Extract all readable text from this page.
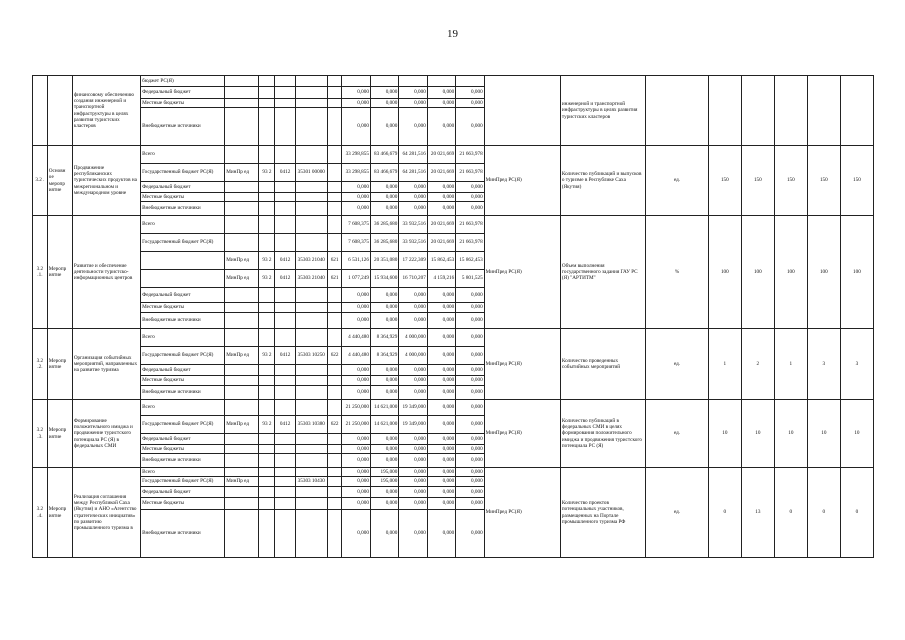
19
		финансовому обеспечению создания инженерной и транспортной инфраструктуры в целях развития туристских кластеров	бюджет РС(Я)												инженерной и транспортной инфраструктуры в целях развития туристских кластеров						
			Федеральный бюджет						0,000	0,000	0,000	0,000	0,000								
			Местные бюджеты						0,000	0,000	0,000	0,000	0,000								
			Внебюджетные источники						0,000	0,000	0,000	0,000	0,000								
3.2 .	Основн ое меропр иятие	Продвижение республиканских туристических продуктов на межрегиональном и международном уровне	Всего						33 298,855	83 466,679	64 281,516	20 021,669	21 663,978	МинПред РС(Я)	Количество публикаций и выпусков о туризме в Республике Саха (Якутия)	ед.	150	150	150	150	150
			Государственный бюджет РС(Я)	МинПр ед	93 2	0412	35301 00000		33 298,855	83 466,679	64 281,516	20 021,669	21 663,978								
			Федеральный бюджет						0,000	0,000	0,000	0,000	0,000								
			Местные бюджеты						0,000	0,000	0,000	0,000	0,000								
			Внебюджетные источники						0,000	0,000	0,000	0,000	0,000								
3.2 .1.	Меропр иятие	Развитие и обеспечение деятельности туристско-информационных центров	Всего						7 608,375	36 285,680	33 932,516	20 021,669	21 663,978	МинПред РС(Я)	Объем выполнения государственного задания ГАУ РС (Я) "АРТИТМ"	%	100	100	100	100	100
			Государственный бюджет РС(Я)						7 608,375	36 285,680	33 932,516	20 021,669	21 663,978								
				МинПр ед	93 2	0412	35303 21040	621	6 531,126	20 351,080	17 222,309	15 862,453	15 862,453								
				МинПр ед	93 2	0412	35303 21040	621	1 077,249	15 934,600	16 710,207	4 159,216	5 801,525								
			Федеральный бюджет						0,000	0,000	0,000	0,000	0,000								
			Местные бюджеты						0,000	0,000	0,000	0,000	0,000								
			Внебюджетные источники						0,000	0,000	0,000	0,000	0,000								
3.2 .2.	Меропр иятие	Организация событийных мероприятий, направленных на развитие туризма	Всего						4 440,480	8 364,929	4 000,000	0,000	0,000	МинПред РС(Я)	Количество проведенных событийных мероприятий	ед.	1	2	1	3	3
			Государственный бюджет РС(Я)	МинПр ед	93 2	0412	35303 10250	622	4 440,480	8 364,929	4 000,000	0,000	0,000								
			Федеральный бюджет						0,000	0,000	0,000	0,000	0,000								
			Местные бюджеты						0,000	0,000	0,000	0,000	0,000								
			Внебюджетные источники						0,000	0,000	0,000	0,000	0,000								
3.2 .3.	Меропр иятие	Формирование положительного имиджа и продвижение туристского потенциала РС (Я) в федеральных СМИ	Всего						21 250,000	14 621,000	19 349,000	0,000	0,000	МинПред РС(Я)	Количество публикаций в федеральных СМИ в целях формирования положительного имиджа и продвижения туристского потенциала РС (Я)	ед.	10	10	10	10	10
			Государственный бюджет РС(Я)	МинПр ед	93 2	0412	35303 10380	622	21 250,000	14 621,000	19 349,000	0,000	0,000								
			Федеральный бюджет						0,000	0,000	0,000	0,000	0,000								
			Местные бюджеты						0,000	0,000	0,000	0,000	0,000								
			Внебюджетные источники						0,000	0,000	0,000	0,000	0,000								
3.2 .4.	Меропр иятие	Реализация соглашения между Республикой Саха (Якутия) и АНО «Агентство стратегических инициатив» по развитию промышленного туризма в	Всего						0,000	195,000	0,000	0,000	0,000	МинПред РС(Я)	Количество проектов потенциальных участников, размещенных на Портале промышленного туризма РФ	ед.	0	13	0	0	0
			Государственный бюджет РС(Я)	МинПр ед			35303 10430		0,000	195,000	0,000	0,000	0,000								
			Федеральный бюджет						0,000	0,000	0,000	0,000	0,000								
			Местные бюджеты						0,000	0,000	0,000	0,000	0,000								
			Внебюджетные источники						0,000	0,000	0,000	0,000	0,000								
